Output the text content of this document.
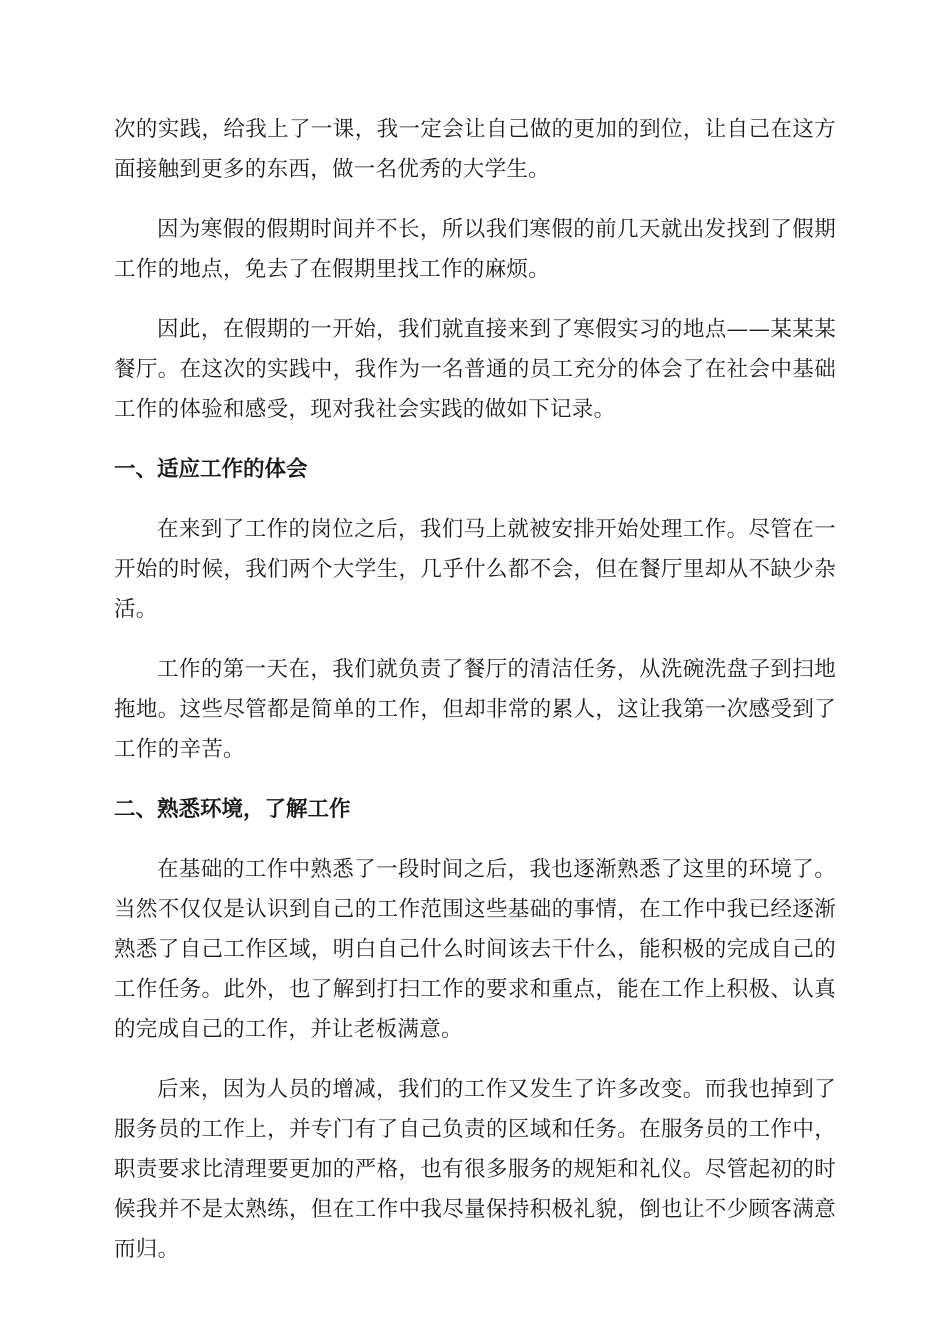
次的实践，给我上了一课，我一定会让自己做的更加的到位，让自己在这方面接触到更多的东西，做一名优秀的大学生。

因为寒假的假期时间并不长，所以我们寒假的前几天就出发找到了假期工作的地点，免去了在假期里找工作的麻烦。

因此，在假期的一开始，我们就直接来到了寒假实习的地点——某某某餐厅。在这次的实践中，我作为一名普通的员工充分的体会了在社会中基础工作的体验和感受，现对我社会实践的做如下记录。

一、适应工作的体会

在来到了工作的岗位之后，我们马上就被安排开始处理工作。尽管在一开始的时候，我们两个大学生，几乎什么都不会，但在餐厅里却从不缺少杂活。

工作的第一天在，我们就负责了餐厅的清洁任务，从洗碗洗盘子到扫地拖地。这些尽管都是简单的工作，但却非常的累人，这让我第一次感受到了工作的辛苦。

二、熟悉环境，了解工作

在基础的工作中熟悉了一段时间之后，我也逐渐熟悉了这里的环境了。当然不仅仅是认识到自己的工作范围这些基础的事情，在工作中我已经逐渐熟悉了自己工作区域，明白自己什么时间该去干什么，能积极的完成自己的工作任务。此外，也了解到打扫工作的要求和重点，能在工作上积极、认真的完成自己的工作，并让老板满意。

后来，因为人员的增减，我们的工作又发生了许多改变。而我也掉到了服务员的工作上，并专门有了自己负责的区域和任务。在服务员的工作中，职责要求比清理要更加的严格，也有很多服务的规矩和礼仪。尽管起初的时候我并不是太熟练，但在工作中我尽量保持积极礼貌，倒也让不少顾客满意而归。
